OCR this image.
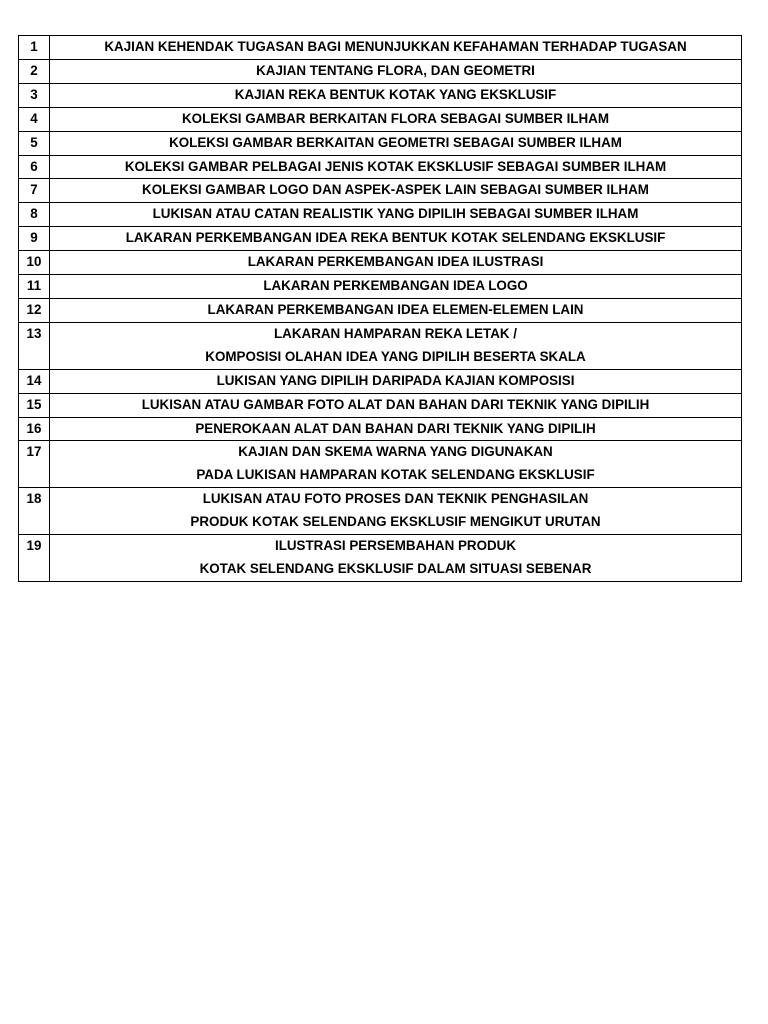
1	KAJIAN KEHENDAK TUGASAN BAGI MENUNJUKKAN KEFAHAMAN TERHADAP TUGASAN

2	KAJIAN TENTANG FLORA, DAN GEOMETRI

3	KAJIAN REKA BENTUK KOTAK YANG EKSKLUSIF

4	KOLEKSI GAMBAR BERKAITAN FLORA SEBAGAI SUMBER ILHAM

5	KOLEKSI GAMBAR BERKAITAN GEOMETRI SEBAGAI SUMBER ILHAM

6	KOLEKSI GAMBAR PELBAGAI JENIS KOTAK EKSKLUSIF SEBAGAI SUMBER ILHAM

7	KOLEKSI GAMBAR LOGO DAN ASPEK-ASPEK LAIN SEBAGAI SUMBER ILHAM

8	LUKISAN ATAU CATAN REALISTIK YANG DIPILIH SEBAGAI SUMBER ILHAM

9	LAKARAN PERKEMBANGAN IDEA REKA BENTUK KOTAK SELENDANG EKSKLUSIF

10	LAKARAN PERKEMBANGAN IDEA ILUSTRASI

11	LAKARAN PERKEMBANGAN IDEA LOGO

12	LAKARAN PERKEMBANGAN IDEA ELEMEN-ELEMEN LAIN

13	LAKARAN HAMPARAN REKA LETAK /
KOMPOSISI OLAHAN IDEA YANG DIPILIH BESERTA SKALA

14	LUKISAN YANG DIPILIH DARIPADA KAJIAN KOMPOSISI

15	LUKISAN ATAU GAMBAR FOTO ALAT DAN BAHAN DARI TEKNIK YANG DIPILIH

16	PENEROKAAN ALAT DAN BAHAN DARI TEKNIK YANG DIPILIH

17	KAJIAN DAN SKEMA WARNA YANG DIGUNAKAN
PADA LUKISAN HAMPARAN KOTAK SELENDANG EKSKLUSIF

18	LUKISAN ATAU FOTO PROSES DAN TEKNIK PENGHASILAN
PRODUK KOTAK SELENDANG EKSKLUSIF MENGIKUT URUTAN

19	ILUSTRASI PERSEMBAHAN PRODUK
KOTAK SELENDANG EKSKLUSIF DALAM SITUASI SEBENAR
